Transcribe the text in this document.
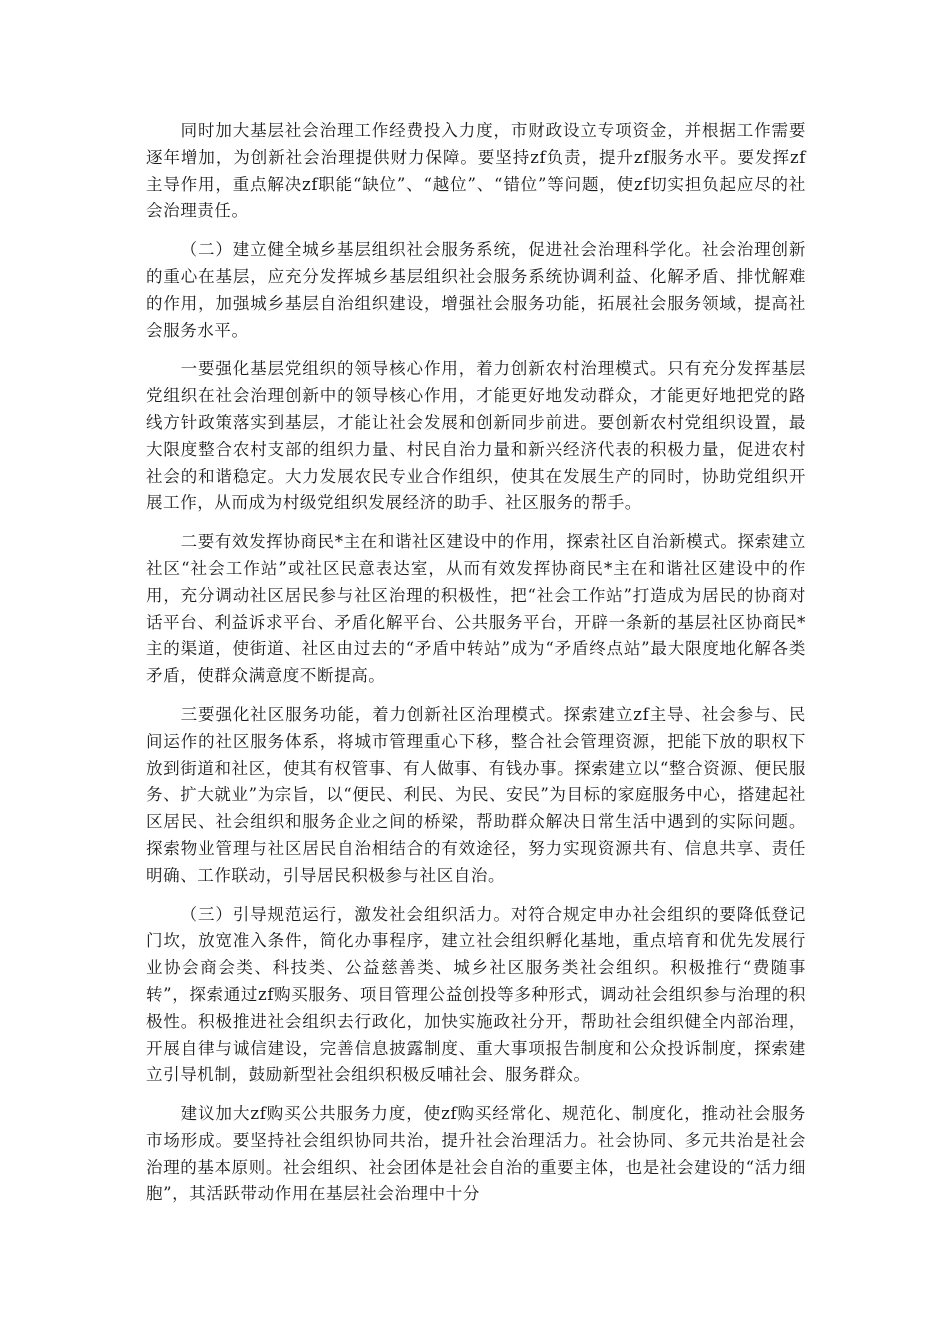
同时加大基层社会治理工作经费投入力度，市财政设立专项资金，并根据工作需要逐年增加，为创新社会治理提供财力保障。要坚持zf负责，提升zf服务水平。要发挥zf主导作用，重点解决zf职能“缺位”、“越位”、“错位”等问题，使zf切实担负起应尽的社会治理责任。

（二）建立健全城乡基层组织社会服务系统，促进社会治理科学化。社会治理创新的重心在基层，应充分发挥城乡基层组织社会服务系统协调利益、化解矛盾、排忧解难的作用，加强城乡基层自治组织建设，增强社会服务功能，拓展社会服务领域，提高社会服务水平。

一要强化基层党组织的领导核心作用，着力创新农村治理模式。只有充分发挥基层党组织在社会治理创新中的领导核心作用，才能更好地发动群众，才能更好地把党的路线方针政策落实到基层，才能让社会发展和创新同步前进。要创新农村党组织设置，最大限度整合农村支部的组织力量、村民自治力量和新兴经济代表的积极力量，促进农村社会的和谐稳定。大力发展农民专业合作组织，使其在发展生产的同时，协助党组织开展工作，从而成为村级党组织发展经济的助手、社区服务的帮手。

二要有效发挥协商民*主在和谐社区建设中的作用，探索社区自治新模式。探索建立社区“社会工作站”或社区民意表达室，从而有效发挥协商民*主在和谐社区建设中的作用，充分调动社区居民参与社区治理的积极性，把“社会工作站”打造成为居民的协商对话平台、利益诉求平台、矛盾化解平台、公共服务平台，开辟一条新的基层社区协商民*主的渠道，使街道、社区由过去的“矛盾中转站”成为“矛盾终点站”最大限度地化解各类矛盾，使群众满意度不断提高。

三要强化社区服务功能，着力创新社区治理模式。探索建立zf主导、社会参与、民间运作的社区服务体系，将城市管理重心下移，整合社会管理资源，把能下放的职权下放到街道和社区，使其有权管事、有人做事、有钱办事。探索建立以“整合资源、便民服务、扩大就业”为宗旨，以“便民、利民、为民、安民”为目标的家庭服务中心，搭建起社区居民、社会组织和服务企业之间的桥梁，帮助群众解决日常生活中遇到的实际问题。探索物业管理与社区居民自治相结合的有效途径，努力实现资源共有、信息共享、责任明确、工作联动，引导居民积极参与社区自治。

（三）引导规范运行，激发社会组织活力。对符合规定申办社会组织的要降低登记门坎，放宽准入条件，简化办事程序，建立社会组织孵化基地，重点培育和优先发展行业协会商会类、科技类、公益慈善类、城乡社区服务类社会组织。积极推行“费随事转”，探索通过zf购买服务、项目管理公益创投等多种形式，调动社会组织参与治理的积极性。积极推进社会组织去行政化，加快实施政社分开，帮助社会组织健全内部治理，开展自律与诚信建设，完善信息披露制度、重大事项报告制度和公众投诉制度，探索建立引导机制，鼓励新型社会组织积极反哺社会、服务群众。

建议加大zf购买公共服务力度，使zf购买经常化、规范化、制度化，推动社会服务市场形成。要坚持社会组织协同共治，提升社会治理活力。社会协同、多元共治是社会治理的基本原则。社会组织、社会团体是社会自治的重要主体，也是社会建设的“活力细胞”，其活跃带动作用在基层社会治理中十分
